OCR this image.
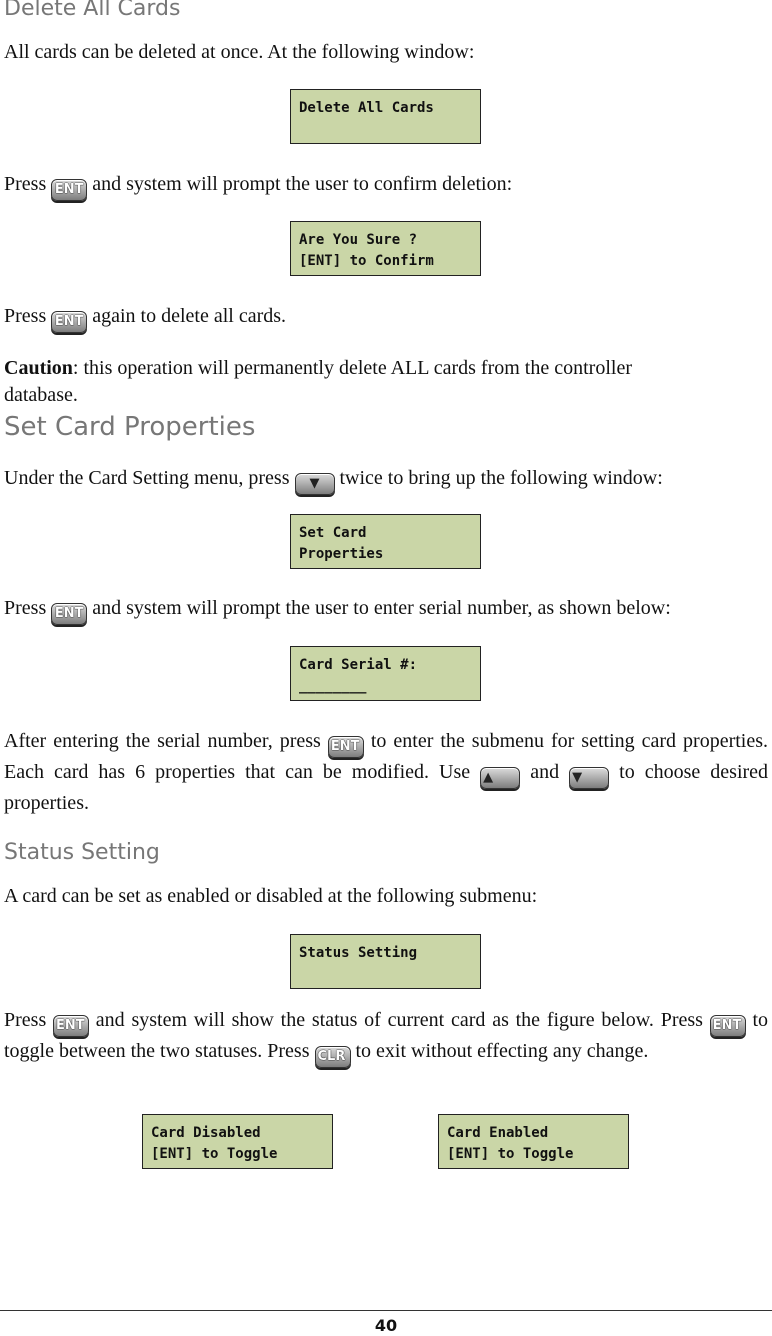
Delete All Cards
All cards can be deleted at once. At the following window:
Delete All Cards
Press ENT and system will prompt the user to confirm deletion:
Are You Sure ?
[ENT] to Confirm
Press ENT again to delete all cards.
Caution: this operation will permanently delete ALL cards from the controller
database.
Set Card Properties
Under the Card Setting menu, press ▼ twice to bring up the following window:
Set Card
Properties
Press ENT and system will prompt the user to enter serial number, as shown below:
Card Serial #:
________
After entering the serial number, press ENT to enter the submenu for setting card properties. Each card has 6 properties that can be modified. Use ▲ and ▼ to choose desired properties.
Status Setting
A card can be set as enabled or disabled at the following submenu:
Status Setting
Press ENT and system will show the status of current card as the figure below. Press ENT to toggle between the two statuses. Press CLR to exit without effecting any change.
Card Disabled
[ENT] to Toggle
Card Enabled
[ENT] to Toggle
40
